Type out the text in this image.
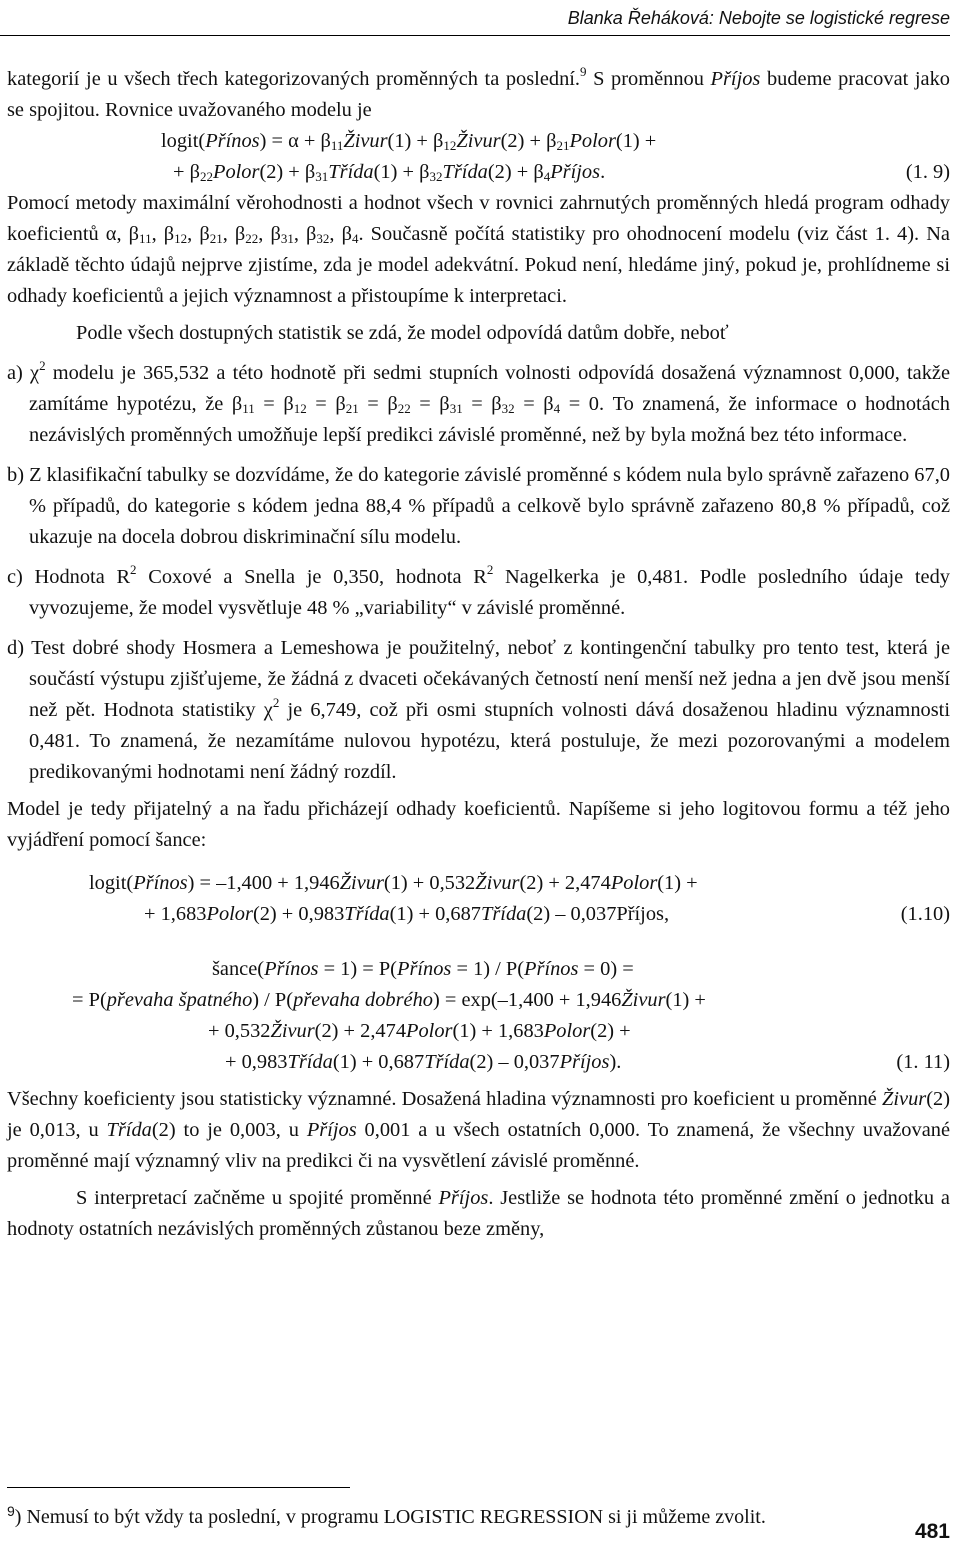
Blanka Řeháková: Nebojte se logistické regrese

kategorií je u všech třech kategorizovaných proměnných ta poslední.$^9$ S proměnnou Příjos budeme pracovat jako se spojitou. Rovnice uvažovaného modelu je

logit(Přínos) = $\alpha + \beta_{11}Živur(1)$ + $\beta_{12}Živur(2)$ + $\beta_{21}Polor(1)$ +
+ $\beta_{22}Polor(2)$ + $\beta_{31}Třída(1)$ + $\beta_{32}Třída(2)$ + $\beta_4Příjos$.	(1. 9)

Pomocí metody maximální věrohodnosti a hodnot všech v rovnici zahrnutých proměnných hledá program odhady koeficientů α, $\beta_{11}$, $\beta_{12}$, $\beta_{21}$, $\beta_{22}$, $\beta_{31}$, $\beta_{32}$, $\beta_4$. Současně počítá statistiky pro ohodnocení modelu (viz část 1. 4). Na základě těchto údajů nejprve zjistíme, zda je model adekvátní. Pokud není, hledáme jiný, pokud je, prohlídneme si odhady koeficientů a jejich významnost a přistoupíme k interpretaci.

Podle všech dostupných statistik se zdá, že model odpovídá datům dobře, neboť

a) $\chi^2$ modelu je 365,532 a této hodnotě při sedmi stupních volnosti odpovídá dosažená významnost 0,000, takže zamítáme hypotézu, že $\beta_{11} = \beta_{12} = \beta_{21} = \beta_{22} = \beta_{31} = \beta_{32} = \beta_4 = 0$. To znamená, že informace o hodnotách nezávislých proměnných umožňuje lepší predikci závislé proměnné, než by byla možná bez této informace.

b) Z klasifikační tabulky se dozvídáme, že do kategorie závislé proměnné s kódem nula bylo správně zařazeno 67,0 % případů, do kategorie s kódem jedna 88,4 % případů a celkově bylo správně zařazeno 80,8 % případů, což ukazuje na docela dobrou diskriminační sílu modelu.

c) Hodnota $R^2$ Coxové a Snella je 0,350, hodnota $R^2$ Nagelkerka je 0,481. Podle posledního údaje tedy vyvozujeme, že model vysvětluje 48 % „variability“ v závislé proměnné.

d) Test dobré shody Hosmera a Lemeshowa je použitelný, neboť z kontingenční tabulky pro tento test, která je součástí výstupu zjišťujeme, že žádná z dvaceti očekávaných četností není menší než jedna a jen dvě jsou menší než pět. Hodnota statistiky $\chi^2$ je 6,749, což při osmi stupních volnosti dává dosaženou hladinu významnosti 0,481. To znamená, že nezamítáme nulovou hypotézu, která postuluje, že mezi pozorovanými a modelem predikovanými hodnotami není žádný rozdíl.

Model je tedy přijatelný a na řadu přicházejí odhady koeficientů. Napíšeme si jeho logitovou formu a též jeho vyjádření pomocí šance:

logit(Přínos) = –1,400 + 1,946Živur(1) + 0,532Živur(2) + 2,474Polor(1) +
+ 1,683Polor(2) + 0,983Třída(1) + 0,687Třída(2) – 0,037Příjos,	(1.10)
šance(Přínos = 1) = P(Přínos = 1) / P(Přínos = 0) =
= P(převaha špatného) / P(převaha dobrého) = exp(–1,400 + 1,946Živur(1) +
+ 0,532Živur(2) + 2,474Polor(1) + 1,683Polor(2) +
+ 0,983Třída(1) + 0,687Třída(2) – 0,037Příjos).	(1. 11)

Všechny koeficienty jsou statisticky významné. Dosažená hladina významnosti pro koeficient u proměnné Živur(2) je 0,013, u Třída(2) to je 0,003, u Příjos 0,001 a u všech ostatních 0,000. To znamená, že všechny uvažované proměnné mají významný vliv na predikci či na vysvětlení závislé proměnné.

S interpretací začněme u spojité proměnné Příjos. Jestliže se hodnota této proměnné změní o jednotku a hodnoty ostatních nezávislých proměnných zůstanou beze změny,

$^9$) Nemusí to být vždy ta poslední, v programu LOGISTIC REGRESSION si ji můžeme zvolit.
481
